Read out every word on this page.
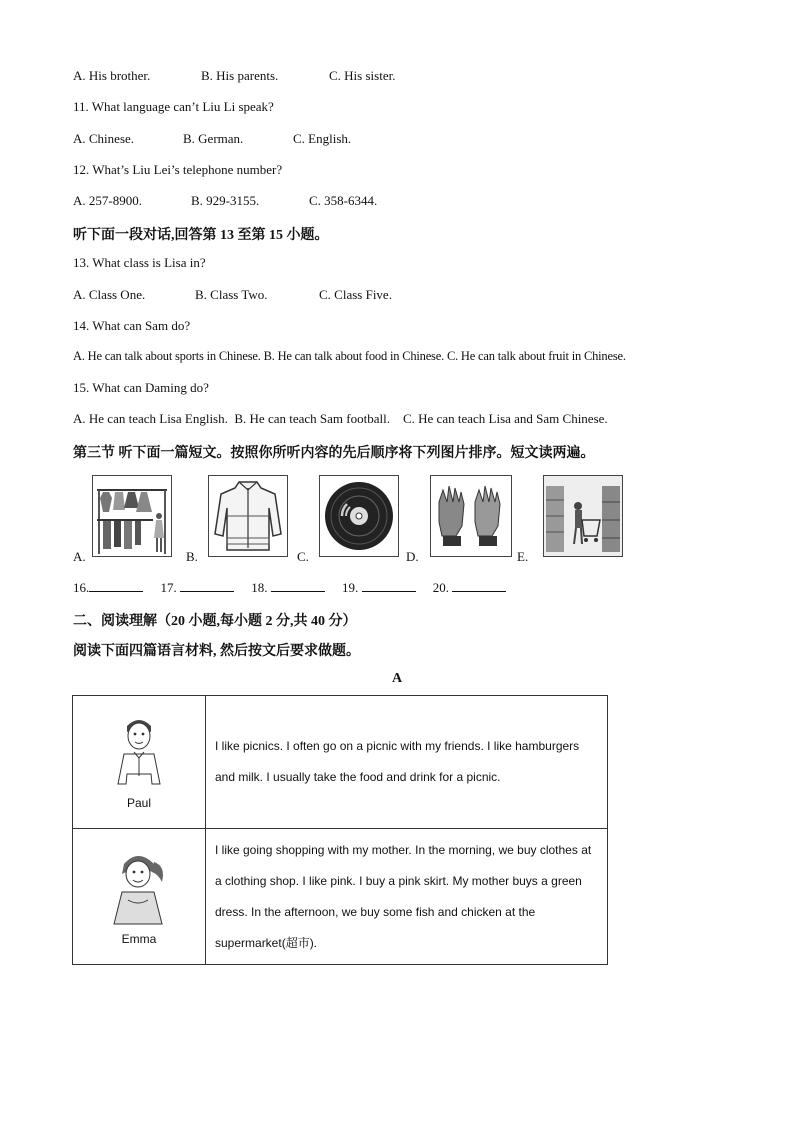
A. His brother.	B. His parents.	C. His sister.
11. What language can’t Liu Li speak?
A. Chinese.	B. German.	C. English.
12. What’s Liu Lei’s telephone number?
A. 257-8900.	B. 929-3155.	C. 358-6344.
听下面一段对话,回答第 13 至第 15 小题。
13. What class is Lisa in?
A. Class One.	B. Class Two.	C. Class Five.
14. What can Sam do?
A. He can talk about sports in Chinese. B. He can talk about food in Chinese. C. He can talk about fruit in Chinese.
15. What can Daming do?
A. He can teach Lisa English. B. He can teach Sam football. C. He can teach Lisa and Sam Chinese.
第三节 听下面一篇短文。按照你所听内容的先后顺序将下列图片排序。短文读两遍。
A.	B.	C.	D.	E.
16.	17.	18.	19.	20.
二、阅读理解（20 小题,每小题 2 分,共 40 分）
阅读下面四篇语言材料, 然后按文后要求做题。
A
Paul	I like picnics. I often go on a picnic with my friends. I like hamburgers and milk. I usually take the food and drink for a picnic.

Emma	I like going shopping with my mother. In the morning, we buy clothes at a clothing shop. I like pink. I buy a pink skirt. My mother buys a green dress. In the afternoon, we buy some fish and chicken at the supermarket(超市).
